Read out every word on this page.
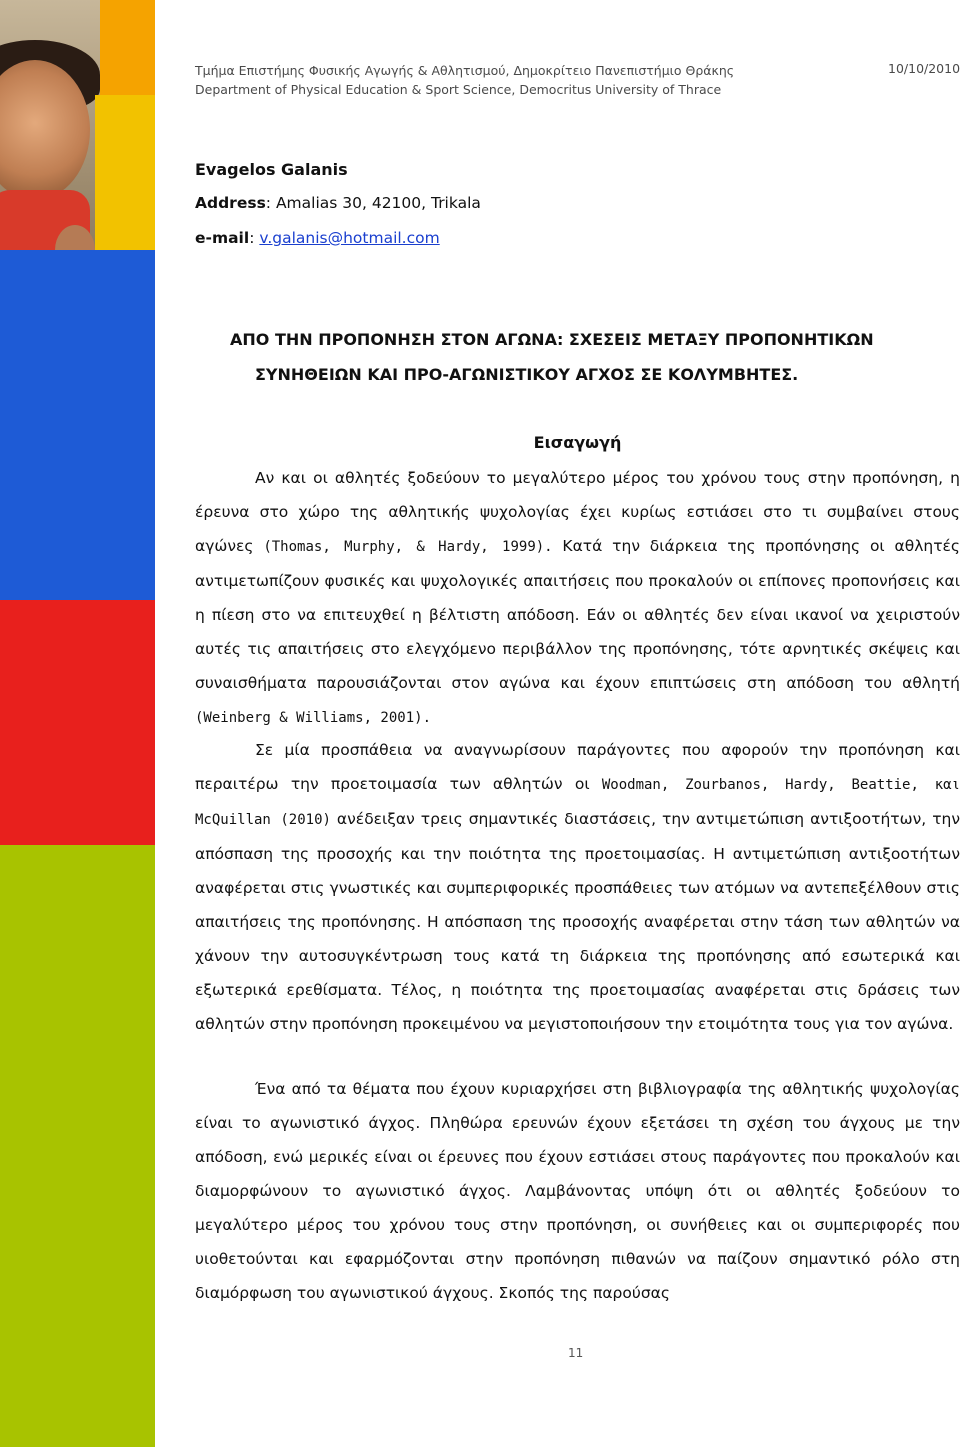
Τμήμα Επιστήμης Φυσικής Αγωγής & Αθλητισμού, Δημοκρίτειο Πανεπιστήμιο Θράκης
Department of Physical Education & Sport Science, Democritus University of Thrace
10/10/2010
Evagelos Galanis
Address: Amalias 30, 42100, Trikala
e-mail: v.galanis@hotmail.com
ΑΠΟ ΤΗΝ ΠΡΟΠΟΝΗΣΗ ΣΤΟΝ ΑΓΩΝΑ: ΣΧΕΣΕΙΣ ΜΕΤΑΞΥ ΠΡΟΠΟΝΗΤΙΚΩΝ
ΣΥΝΗΘΕΙΩΝ ΚΑΙ ΠΡΟ-ΑΓΩΝΙΣΤΙΚΟΥ ΑΓΧΟΣ ΣΕ ΚΟΛΥΜΒΗΤΕΣ.
Εισαγωγή
Αν και οι αθλητές ξοδεύουν το μεγαλύτερο μέρος του χρόνου τους στην προπόνηση, η έρευνα στο χώρο της αθλητικής ψυχολογίας έχει κυρίως εστιάσει στο τι συμβαίνει στους αγώνες (Thomas, Murphy, & Hardy, 1999). Κατά την διάρκεια της προπόνησης οι αθλητές αντιμετωπίζουν φυσικές και ψυχολογικές απαιτήσεις που προκαλούν οι επίπονες προπονήσεις και η πίεση στο να επιτευχθεί η βέλτιστη απόδοση. Εάν οι αθλητές δεν είναι ικανοί να χειριστούν αυτές τις απαιτήσεις στο ελεγχόμενο περιβάλλον της προπόνησης, τότε αρνητικές σκέψεις και συναισθήματα παρουσιάζονται στον αγώνα και έχουν επιπτώσεις στη απόδοση του αθλητή (Weinberg & Williams, 2001).
Σε μία προσπάθεια να αναγνωρίσουν παράγοντες που αφορούν την προπόνηση και περαιτέρω την προετοιμασία των αθλητών οι Woodman, Zourbanos, Hardy, Beattie, και McQuillan (2010) ανέδειξαν τρεις σημαντικές διαστάσεις, την αντιμετώπιση αντιξοοτήτων, την απόσπαση της προσοχής και την ποιότητα της προετοιμασίας. Η αντιμετώπιση αντιξοοτήτων αναφέρεται στις γνωστικές και συμπεριφορικές προσπάθειες των ατόμων να αντεπεξέλθουν στις απαιτήσεις της προπόνησης. Η απόσπαση της προσοχής αναφέρεται στην τάση των αθλητών να χάνουν την αυτοσυγκέντρωση τους κατά τη διάρκεια της προπόνησης από εσωτερικά και εξωτερικά ερεθίσματα. Τέλος, η ποιότητα της προετοιμασίας αναφέρεται στις δράσεις των αθλητών στην προπόνηση προκειμένου να μεγιστοποιήσουν την ετοιμότητα τους για τον αγώνα.
Ένα από τα θέματα που έχουν κυριαρχήσει στη βιβλιογραφία της αθλητικής ψυχολογίας είναι το αγωνιστικό άγχος. Πληθώρα ερευνών έχουν εξετάσει τη σχέση του άγχους με την απόδοση, ενώ μερικές είναι οι έρευνες που έχουν εστιάσει στους παράγοντες που προκαλούν και διαμορφώνουν το αγωνιστικό άγχος. Λαμβάνοντας υπόψη ότι οι αθλητές ξοδεύουν το μεγαλύτερο μέρος του χρόνου τους στην προπόνηση, οι συνήθειες και οι συμπεριφορές που υιοθετούνται και εφαρμόζονται στην προπόνηση πιθανών να παίζουν σημαντικό ρόλο στη διαμόρφωση του αγωνιστικού άγχους. Σκοπός της παρούσας
11
